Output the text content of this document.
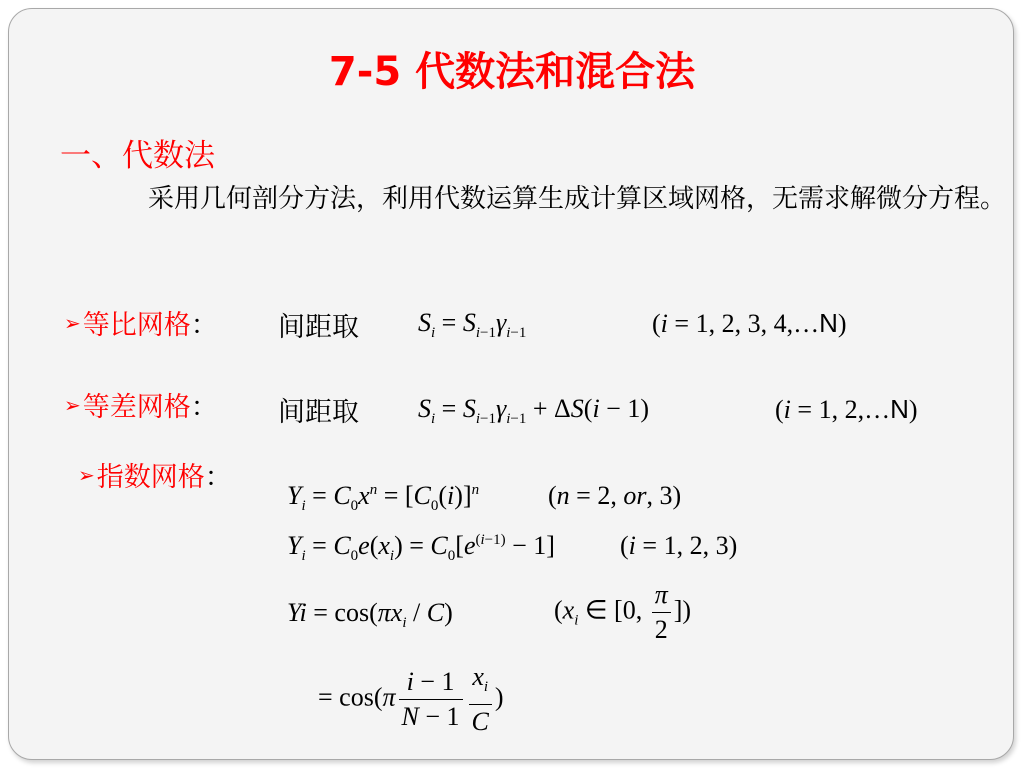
7-5 代数法和混合法
一、代数法
采用几何剖分方法，利用代数运算生成计算区域网格，无需求解微分方程。
➢ 等比网格 ： 间距取 $S_i = S_{i-1}\gamma_{i-1}$	(i = 1, 2, 3, 4,…N)
➢ 等差网格 ： 间距取 $S_i = S_{i-1}\gamma_{i-1} + \Delta S(i - 1)$	(i = 1, 2,…N)
➢ 指数网格 ：
$Y_i = C_0x^n = [C_0(i)]^n$	(n = 2, or, 3)
$Y_i = C_0e(x_i) = C_0[e^{(i-1)} - 1]$	(i = 1, 2, 3)
$Yi = \cos(\pi x_i / C)$	($x_i$ ∈ [0, $\frac{\pi}{2}$ ])
= $\cos(\pi \frac{i - 1}{N - 1} \frac{x_i}{C}$ )
